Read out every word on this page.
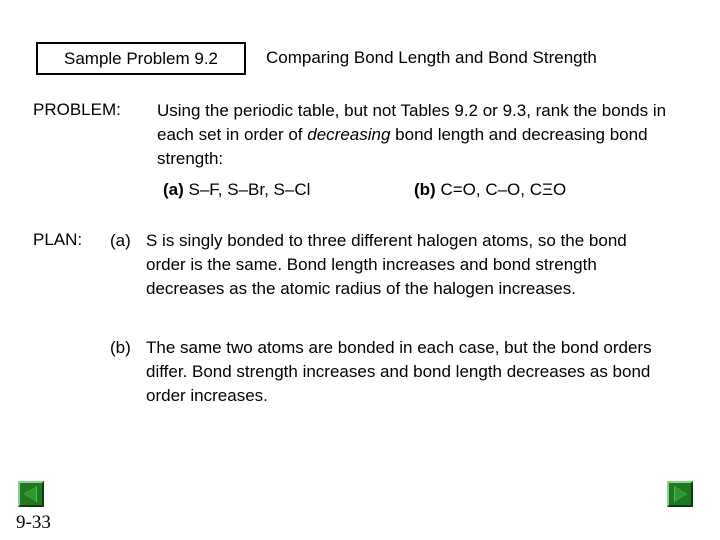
Sample Problem 9.2	Comparing Bond Length and Bond Strength
PROBLEM: Using the periodic table, but not Tables 9.2 or 9.3, rank the bonds in each set in order of decreasing bond length and decreasing bond strength:
(a) S–F, S–Br, S–Cl	(b) C=O, C–O, CΞO
PLAN: (a) S is singly bonded to three different halogen atoms, so the bond order is the same. Bond length increases and bond strength decreases as the atomic radius of the halogen increases.
(b) The same two atoms are bonded in each case, but the bond orders differ. Bond strength increases and bond length decreases as bond order increases.
9-33
